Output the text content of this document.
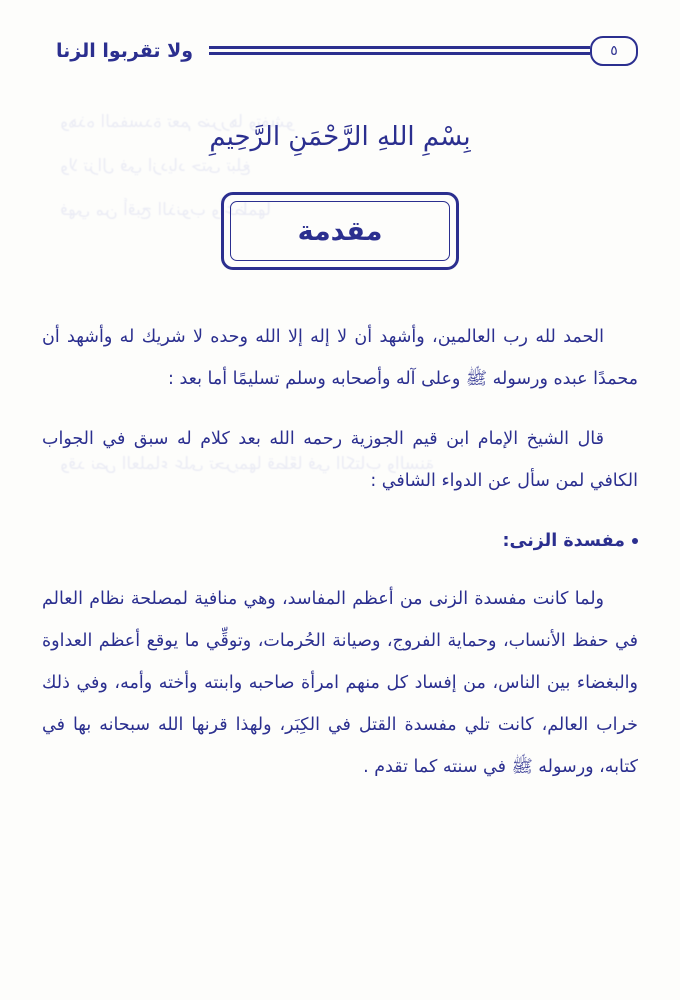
وهذه المفسدة تعم ضررها وتفشو
ولا تزال في ازدياد حتى تبلغ
فهي من أقبح الذنوب وأعظمها
وقد نص العلماء على تحريمها قطعًا في الكتاب والسنة
ولا تقربوا الزنا	٥
بِسْمِ اللهِ الرَّحْمَنِ الرَّحِيمِ
مقدمة

الحمد لله رب العالمين، وأشهد أن لا إله إلا الله وحده لا شريك له وأشهد أن محمدًا عبده ورسوله ﷺ وعلى آله وأصحابه وسلم تسليمًا أما بعد :

قال الشيخ الإمام ابن قيم الجوزية رحمه الله بعد كلام له سبق في الجواب الكافي لمن سأل عن الدواء الشافي :

مفسدة الزنى:

ولما كانت مفسدة الزنى من أعظم المفاسد، وهي منافية لمصلحة نظام العالم في حفظ الأنساب، وحماية الفروج، وصيانة الحُرمات، وتوقِّي ما يوقع أعظم العداوة والبغضاء بين الناس، من إفساد كل منهم امرأة صاحبه وابنته وأخته وأمه، وفي ذلك خراب العالم، كانت تلي مفسدة القتل في الكِبَر، ولهذا قرنها الله سبحانه بها في كتابه، ورسوله ﷺ في سنته كما تقدم .
